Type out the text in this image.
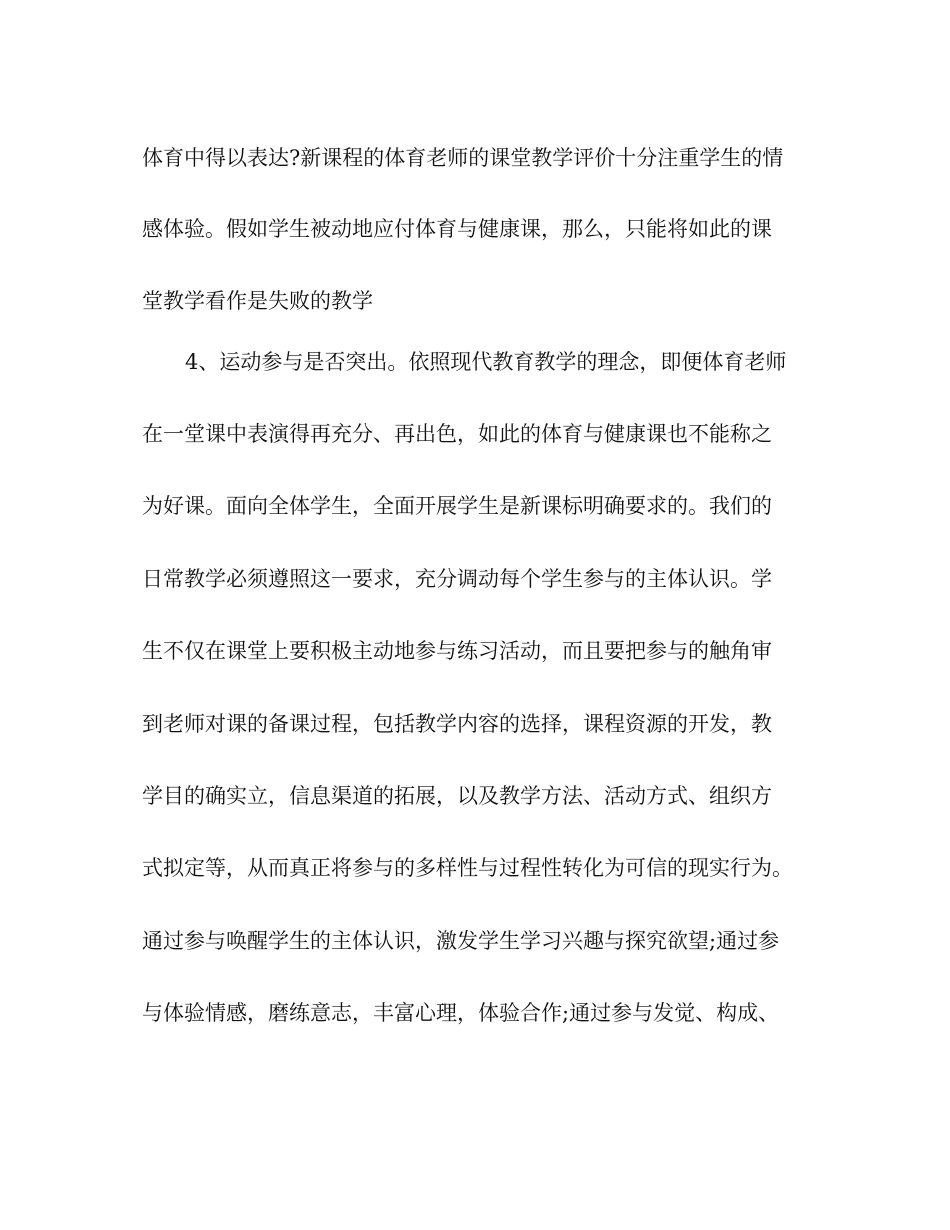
体育中得以表达?新课程的体育老师的课堂教学评价十分注重学生的情
感体验。假如学生被动地应付体育与健康课，那么，只能将如此的课
堂教学看作是失败的教学
4、运动参与是否突出。依照现代教育教学的理念，即便体育老师
在一堂课中表演得再充分、再出色，如此的体育与健康课也不能称之
为好课。面向全体学生，全面开展学生是新课标明确要求的。我们的
日常教学必须遵照这一要求，充分调动每个学生参与的主体认识。学
生不仅在课堂上要积极主动地参与练习活动，而且要把参与的触角审
到老师对课的备课过程，包括教学内容的选择，课程资源的开发，教
学目的确实立，信息渠道的拓展，以及教学方法、活动方式、组织方
式拟定等，从而真正将参与的多样性与过程性转化为可信的现实行为。
通过参与唤醒学生的主体认识，激发学生学习兴趣与探究欲望;通过参
与体验情感，磨练意志，丰富心理，体验合作;通过参与发觉、构成、
